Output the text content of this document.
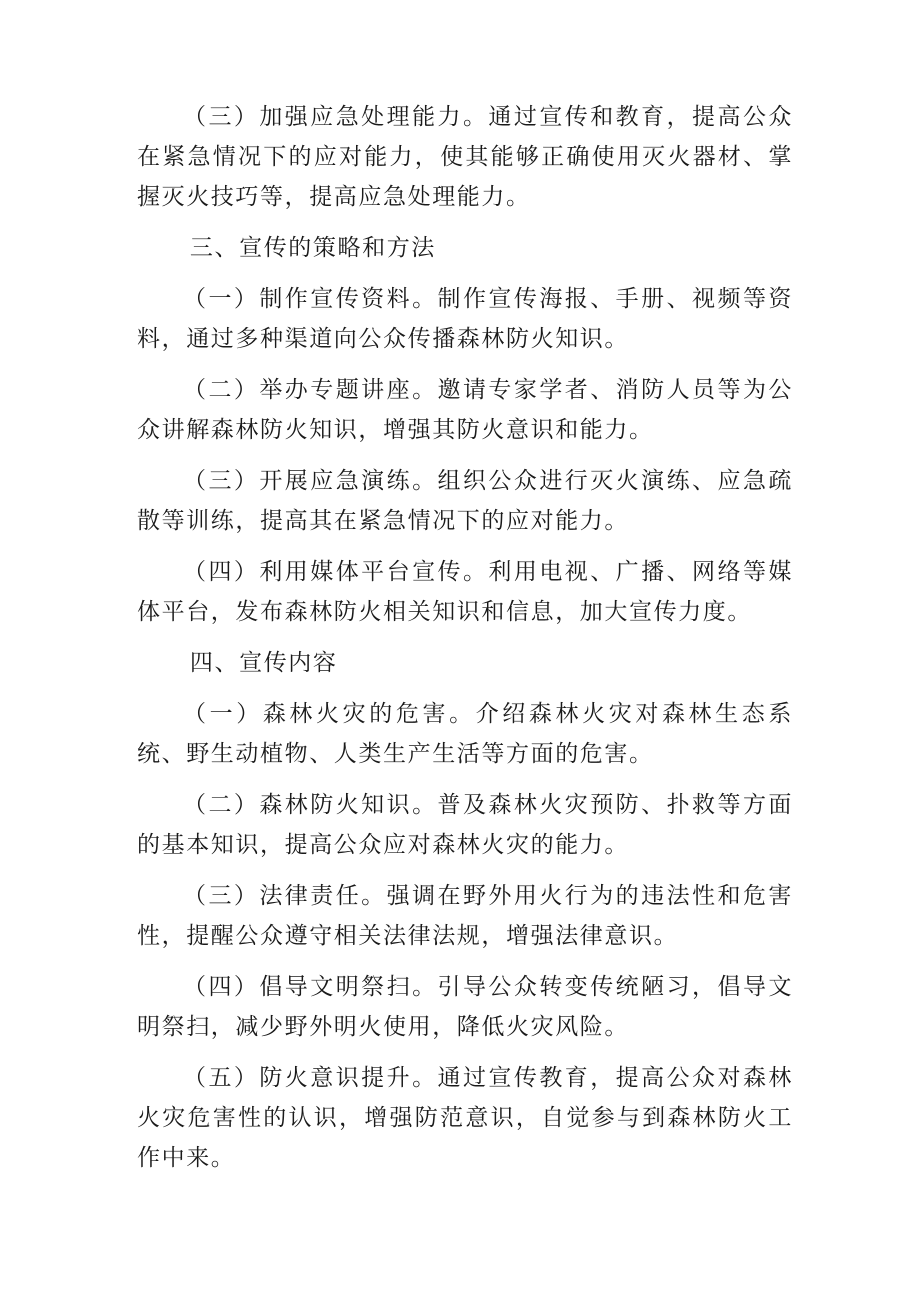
（三）加强应急处理能力。通过宣传和教育，提高公众在紧急情况下的应对能力，使其能够正确使用灭火器材、掌握灭火技巧等，提高应急处理能力。

三、宣传的策略和方法

（一）制作宣传资料。制作宣传海报、手册、视频等资料，通过多种渠道向公众传播森林防火知识。

（二）举办专题讲座。邀请专家学者、消防人员等为公众讲解森林防火知识，增强其防火意识和能力。

（三）开展应急演练。组织公众进行灭火演练、应急疏散等训练，提高其在紧急情况下的应对能力。

（四）利用媒体平台宣传。利用电视、广播、网络等媒体平台，发布森林防火相关知识和信息，加大宣传力度。

四、宣传内容

（一）森林火灾的危害。介绍森林火灾对森林生态系统、野生动植物、人类生产生活等方面的危害。

（二）森林防火知识。普及森林火灾预防、扑救等方面的基本知识，提高公众应对森林火灾的能力。

（三）法律责任。强调在野外用火行为的违法性和危害性，提醒公众遵守相关法律法规，增强法律意识。

（四）倡导文明祭扫。引导公众转变传统陋习，倡导文明祭扫，减少野外明火使用，降低火灾风险。

（五）防火意识提升。通过宣传教育，提高公众对森林火灾危害性的认识，增强防范意识，自觉参与到森林防火工作中来。
